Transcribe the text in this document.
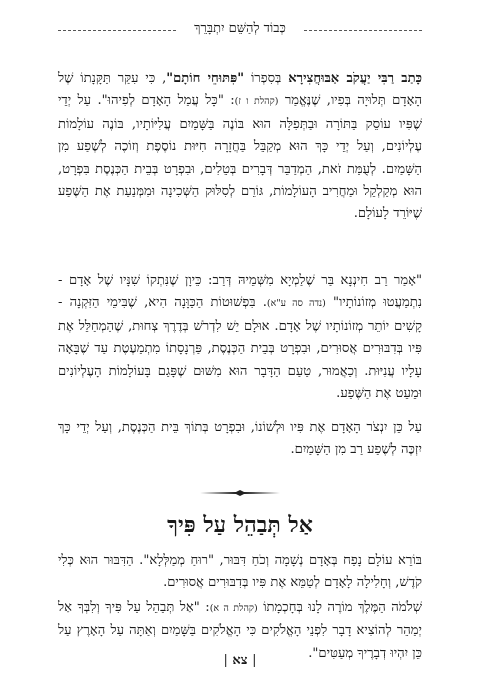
כְּבוֹד לְהַשֵּׁם יִתְבָּרֵךְ
כָּתַב רַבִּי יַעֲקֹב אַבּוּחֲצִירָא בְּסִפְרוֹ "פִּתּוּחֵי חוֹתָם", כִּי עִקַּר תַּקָּנָתוֹ שֶׁל הָאָדָם תְּלוּיָה בְּפִיו, שֶׁנֶּאֱמַר (קהלת ו ז): "כָּל עֲמַל הָאָדָם לְפִיהוּ". עַל יְדֵי שֶׁפִּיו עוֹסֵק בַּתּוֹרָה וּבַתְּפִלָּה הוּא בּוֹנֶה בַּשָּׁמַיִם עֲלִיּוֹתָיו, בּוֹנֶה עוֹלָמוֹת עֶלְיוֹנִים, וְעַל יְדֵי כָּךְ הוּא מְקַבֵּל בַּחֲזָרָה חִיּוּת נוֹסֶפֶת וְזוֹכֶה לְשֶׁפַע מִן הַשָּׁמַיִם. לְעֻמַּת זֹאת, הַמְדַבֵּר דְּבָרִים בְּטֵלִים, וּבִפְרָט בְּבֵית הַכְּנֶסֶת בִּפְרָט, הוּא מְקַלְקֵל וּמַחֲרִיב הָעוֹלָמוֹת, גּוֹרֵם לְסִלּוּק הַשְּׁכִינָה וּמִמְּנַעַת אֶת הַשֶּׁפַע שֶׁיּוֹרֵד לָעוֹלָם.
"אָמַר רַב חִינְנָא בַּר שֶׁלַמְיָא מִשְּׁמֵיהּ דְּרַב: כֵּיוָן שֶׁנִּתְקוֹ שִׁנָּיו שֶׁל אָדָם - נִתְמַעֲטוּ מְזוֹנוֹתָיו" (נדה סה ע"א). בִּפְשׁוּטוֹת הַכַּוָּנָה הִיא, שֶׁבִּימֵי הַזִּקְנָה - קָשִׁים יוֹתֵר מְזוֹנוֹתָיו שֶׁל אָדָם. אוּלָם יֵשׁ לִדְרֹשׁ בְּדֶרֶךְ צְחוּת, שֶׁהַמְחַלֵּל אֶת פִּיו בְּדִבּוּרִים אֲסוּרִים, וּבִפְרָט בְּבֵית הַכְּנֶסֶת, פַּרְנָסָתוֹ מִתְמַעֶטֶת עַד שֶׁבָּאָה עָלָיו עֲנִיּוּת. וְכַאֲמוּר, טַעַם הַדָּבָר הוּא מִשּׁוּם שֶׁפָּגַם בָּעוֹלָמוֹת הָעֶלְיוֹנִים וּמֵעֵט אֶת הַשֶּׁפַע.
עַל כֵּן יִנְצֹר הָאָדָם אֶת פִּיו וּלְשׁוֹנוֹ, וּבִפְרָט בְּתוֹךְ בֵּית הַכְּנֶסֶת, וְעַל יְדֵי כָּךְ יִזְכֶּה לְשֶׁפַע רַב מִן הַשָּׁמַיִם.
אַל תְּבַהֵל עַל פִּיךָ
בּוֹרֵא עוֹלָם נָפַח בְּאָדָם נְשָׁמָה וְכֹחַ דִּבּוּר, "רוּחַ מְמַלְּלָא". הַדִּבּוּר הוּא כְּלִי קֹדֶשׁ, וְחָלִילָה לָאָדָם לְטַמֵּא אֶת פִּיו בְּדִבּוּרִים אֲסוּרִים.
שְׁלֹמֹה הַמֶּלֶךְ מוֹרֶה לָנוּ בְּחָכְמָתוֹ (קהלת ה א): "אַל תְּבַהֵל עַל פִּיךָ וְלִבְּךָ אַל יְמַהֵר לְהוֹצִיא דָבָר לִפְנֵי הָאֱלֹקִים כִּי הָאֱלֹקִים בַּשָּׁמַיִם וְאַתָּה עַל הָאָרֶץ עַל כֵּן יִהְיוּ דְבָרֶיךָ מְעַטִּים".
| צא |
